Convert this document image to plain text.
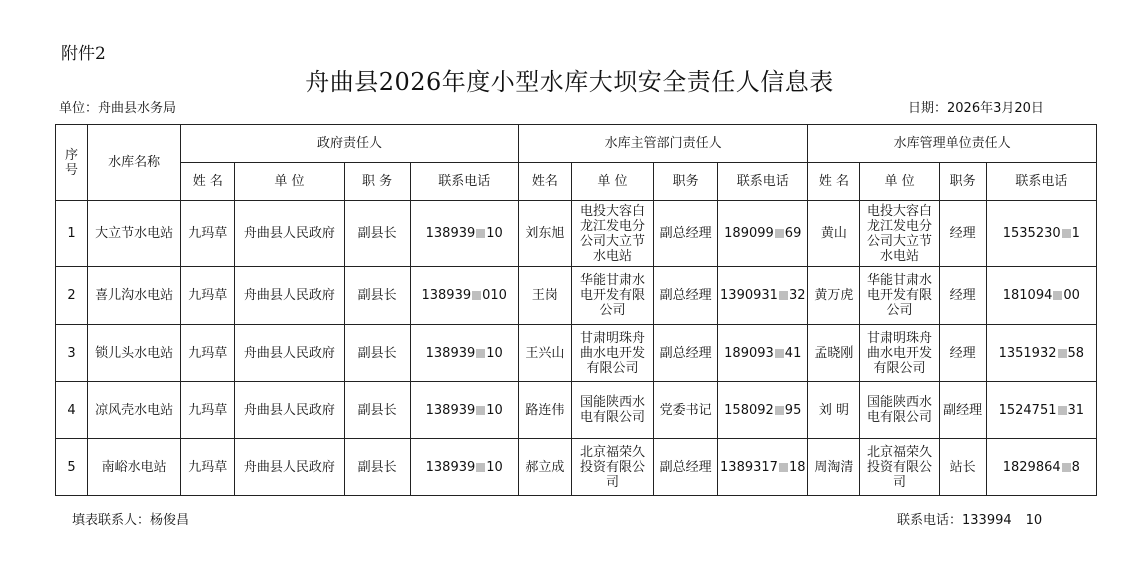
附件2
舟曲县2026年度小型水库大坝安全责任人信息表
单位：舟曲县水务局	日期：2026年3月20日
序号	水库名称	政府责任人				水库主管部门责任人				水库管理单位责任人			
		姓 名	单 位	职 务	联系电话	姓名	单 位	职务	联系电话	姓 名	单 位	职务	联系电话
1	大立节水电站	九玛草	舟曲县人民政府	副县长	138939 10	刘东旭	电投大容白龙江发电分公司大立节水电站	副总经理	189099 69	黄山	电投大容白龙江发电分公司大立节水电站	经理	1535230 1
2	喜儿沟水电站	九玛草	舟曲县人民政府	副县长	138939 010	王岗	华能甘肃水电开发有限公司	副总经理	1390931 32	黄万虎	华能甘肃水电开发有限公司	经理	181094 00
3	锁儿头水电站	九玛草	舟曲县人民政府	副县长	138939 10	王兴山	甘肃明珠舟曲水电开发有限公司	副总经理	189093 41	孟晓刚	甘肃明珠舟曲水电开发有限公司	经理	1351932 58
4	凉风壳水电站	九玛草	舟曲县人民政府	副县长	138939 10	路连伟	国能陕西水电有限公司	党委书记	158092 95	刘 明	国能陕西水电有限公司	副经理	1524751 31
5	南峪水电站	九玛草	舟曲县人民政府	副县长	138939 10	郝立成	北京福荣久投资有限公司	副总经理	1389317 18	周淘清	北京福荣久投资有限公司	站长	1829864 8
填表联系人：杨俊昌	联系电话：133994 10
